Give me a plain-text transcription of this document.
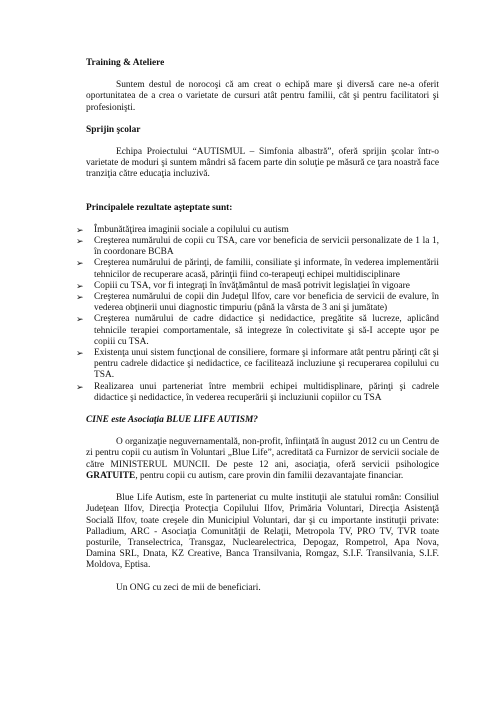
Training & Ateliere

Suntem destul de norocoşi că am creat o echipă mare şi diversă care ne-a oferit oportunitatea de a crea o varietate de cursuri atât pentru familii, cât şi pentru facilitatori şi profesionişti.

Sprijin şcolar

Echipa Proiectului “AUTISMUL – Simfonia albastră”, oferă sprijin şcolar într-o varietate de moduri şi suntem mândri să facem parte din soluţie pe măsură ce ţara noastră face tranziţia către educaţia incluzivă.

Principalele rezultate aşteptate sunt:

➢ Îmbunătăţirea imaginii sociale a copilului cu autism
➢ Creşterea numărului de copii cu TSA, care vor beneficia de servicii personalizate de 1 la 1, în coordonare BCBA
➢ Creşterea numărului de părinţi, de familii, consiliate şi informate, în vederea implementării tehnicilor de recuperare acasă, părinţii fiind co-terapeuţi echipei multidisciplinare
➢ Copiii cu TSA, vor fi integraţi în învăţământul de masă potrivit legislaţiei în vigoare
➢ Creşterea numărului de copii din Judeţul Ilfov, care vor beneficia de servicii de evalure, în vederea obţinerii unui diagnostic timpuriu (până la vârsta de 3 ani şi jumătate)
➢ Creşterea numărului de cadre didactice şi nedidactice, pregătite să lucreze, aplicând tehnicile terapiei comportamentale, să integreze în colectivitate şi să-I accepte uşor pe copiii cu TSA.
➢ Existenţa unui sistem funcţional de consiliere, formare şi informare atât pentru părinţi cât şi pentru cadrele didactice şi nedidactice, ce facilitează incluziune şi recuperarea copilului cu TSA.
➢ Realizarea unui parteneriat între membrii echipei multidisplinare, părinţi şi cadrele didactice şi nedidactice, în vederea recuperării şi incluziunii copiilor cu TSA

CINE este Asociaţia BLUE LIFE AUTISM?

O organizaţie neguvernamentală, non-profit, înfiinţată în august 2012 cu un Centru de zi pentru copii cu autism în Voluntari „Blue Life”, acreditată ca Furnizor de servicii sociale de către MINISTERUL MUNCII. De peste 12 ani, asociaţia, oferă servicii psihologice GRATUITE, pentru copii cu autism, care provin din familii dezavantajate financiar.

Blue Life Autism, este în parteneriat cu multe instituţii ale statului român: Consiliul Judeţean Ilfov, Direcţia Protecţia Copilului Ilfov, Primăria Voluntari, Direcţia Asistenţă Socială Ilfov, toate creşele din Municipiul Voluntari, dar şi cu importante instituţii private: Palladium, ARC - Asociaţia Comunităţii de Relaţii, Metropola TV, PRO TV, TVR toate posturile, Transelectrica, Transgaz, Nuclearelectrica, Depogaz, Rompetrol, Apa Nova, Damina SRL, Dnata, KZ Creative, Banca Transilvania, Romgaz, S.I.F. Transilvania, S.I.F. Moldova, Eptisa.

Un ONG cu zeci de mii de beneficiari.
